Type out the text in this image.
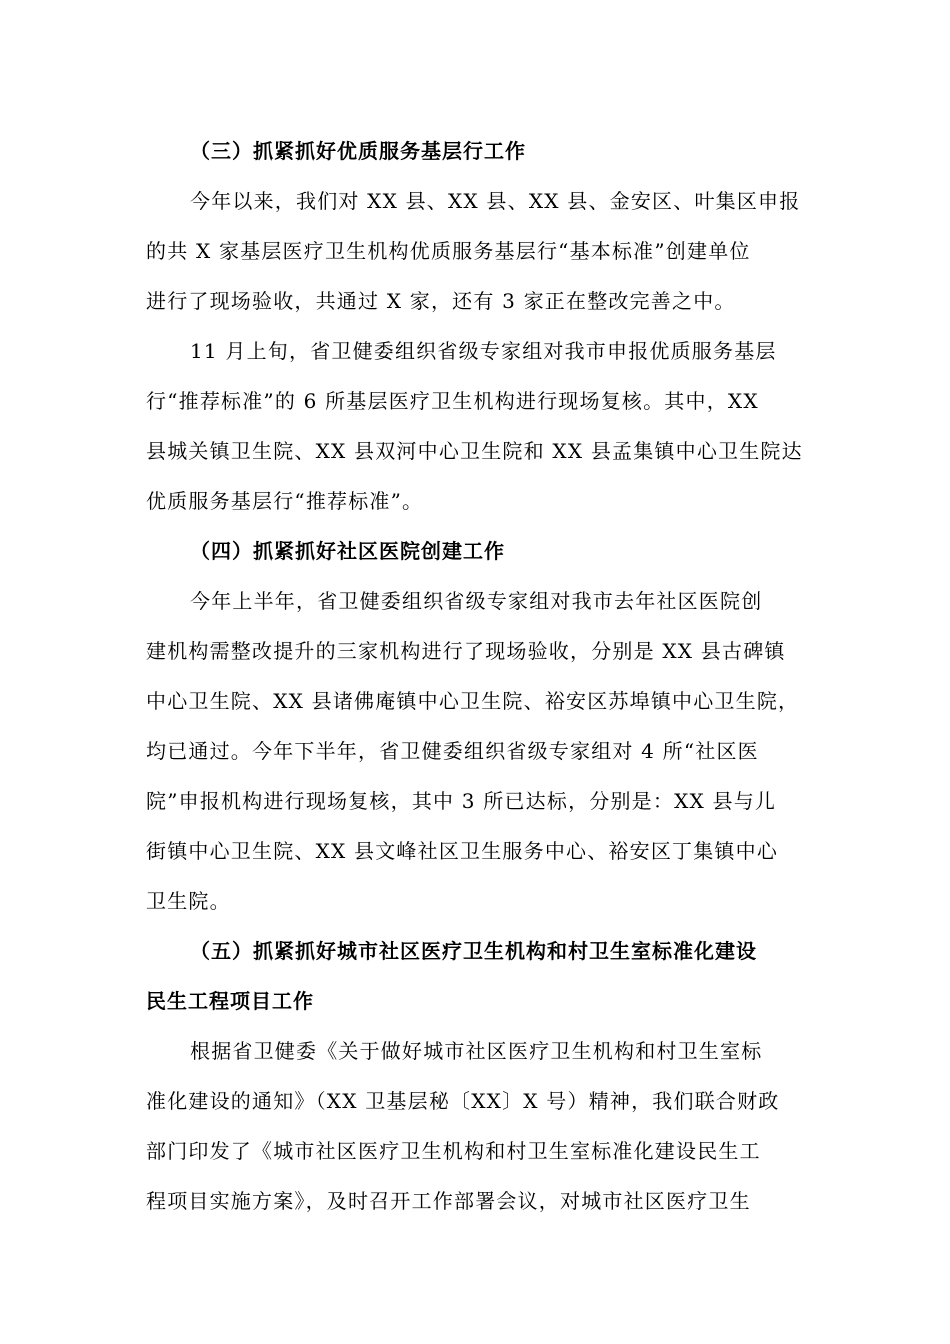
（三）抓紧抓好优质服务基层行工作
今年以来，我们对 XX 县、XX 县、XX 县、金安区、叶集区申报
的共 X 家基层医疗卫生机构优质服务基层行“基本标准”创建单位
进行了现场验收，共通过 X 家，还有 3 家正在整改完善之中。
11 月上旬，省卫健委组织省级专家组对我市申报优质服务基层
行“推荐标准”的 6 所基层医疗卫生机构进行现场复核。其中，XX
县城关镇卫生院、XX 县双河中心卫生院和 XX 县孟集镇中心卫生院达
优质服务基层行“推荐标准”。
（四）抓紧抓好社区医院创建工作
今年上半年，省卫健委组织省级专家组对我市去年社区医院创
建机构需整改提升的三家机构进行了现场验收，分别是 XX 县古碑镇
中心卫生院、XX 县诸佛庵镇中心卫生院、裕安区苏埠镇中心卫生院，
均已通过。今年下半年，省卫健委组织省级专家组对 4 所“社区医
院”申报机构进行现场复核，其中 3 所已达标，分别是：XX 县与儿
街镇中心卫生院、XX 县文峰社区卫生服务中心、裕安区丁集镇中心
卫生院。
（五）抓紧抓好城市社区医疗卫生机构和村卫生室标准化建设
民生工程项目工作
根据省卫健委《关于做好城市社区医疗卫生机构和村卫生室标
准化建设的通知》（XX 卫基层秘〔XX〕X 号）精神，我们联合财政
部门印发了《城市社区医疗卫生机构和村卫生室标准化建设民生工
程项目实施方案》，及时召开工作部署会议，对城市社区医疗卫生
